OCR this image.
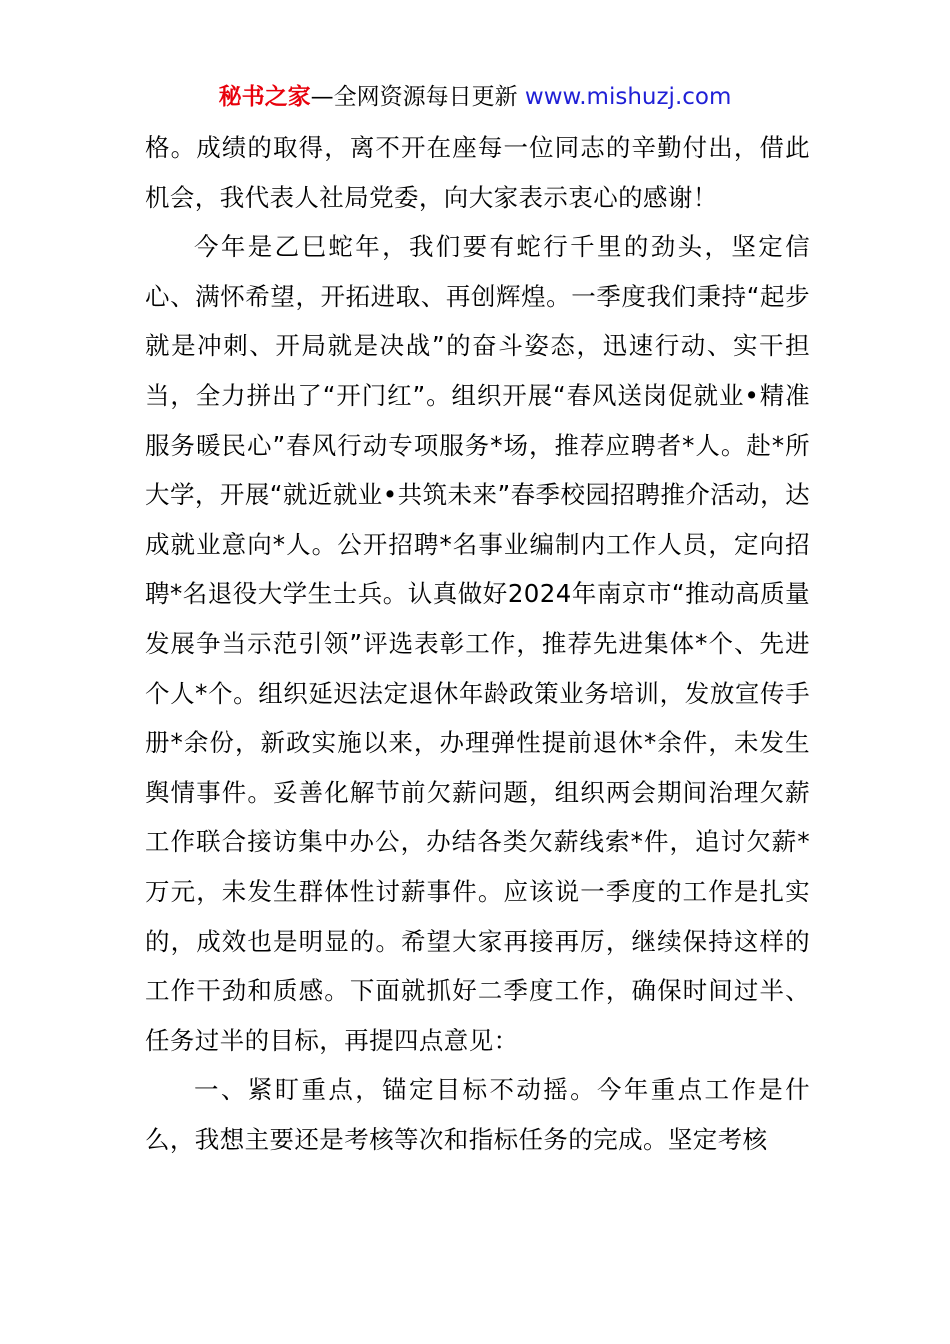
秘书之家—全网资源每日更新 www.mishuzj.com

格。成绩的取得，离不开在座每一位同志的辛勤付出，借此机会，我代表人社局党委，向大家表示衷心的感谢！

今年是乙巳蛇年，我们要有蛇行千里的劲头，坚定信心、满怀希望，开拓进取、再创辉煌。一季度我们秉持“起步就是冲刺、开局就是决战”的奋斗姿态，迅速行动、实干担当，全力拼出了“开门红”。组织开展“春风送岗促就业•精准服务暖民心”春风行动专项服务*场，推荐应聘者*人。赴*所大学，开展“就近就业•共筑未来”春季校园招聘推介活动，达成就业意向*人。公开招聘*名事业编制内工作人员，定向招聘*名退役大学生士兵。认真做好2024年南京市“推动高质量发展争当示范引领”评选表彰工作，推荐先进集体*个、先进个人*个。组织延迟法定退休年龄政策业务培训，发放宣传手册*余份，新政实施以来，办理弹性提前退休*余件，未发生舆情事件。妥善化解节前欠薪问题，组织两会期间治理欠薪工作联合接访集中办公，办结各类欠薪线索*件，追讨欠薪*万元，未发生群体性讨薪事件。应该说一季度的工作是扎实的，成效也是明显的。希望大家再接再厉，继续保持这样的工作干劲和质感。下面就抓好二季度工作，确保时间过半、任务过半的目标，再提四点意见：

一、紧盯重点，锚定目标不动摇。今年重点工作是什么，我想主要还是考核等次和指标任务的完成。坚定考核
